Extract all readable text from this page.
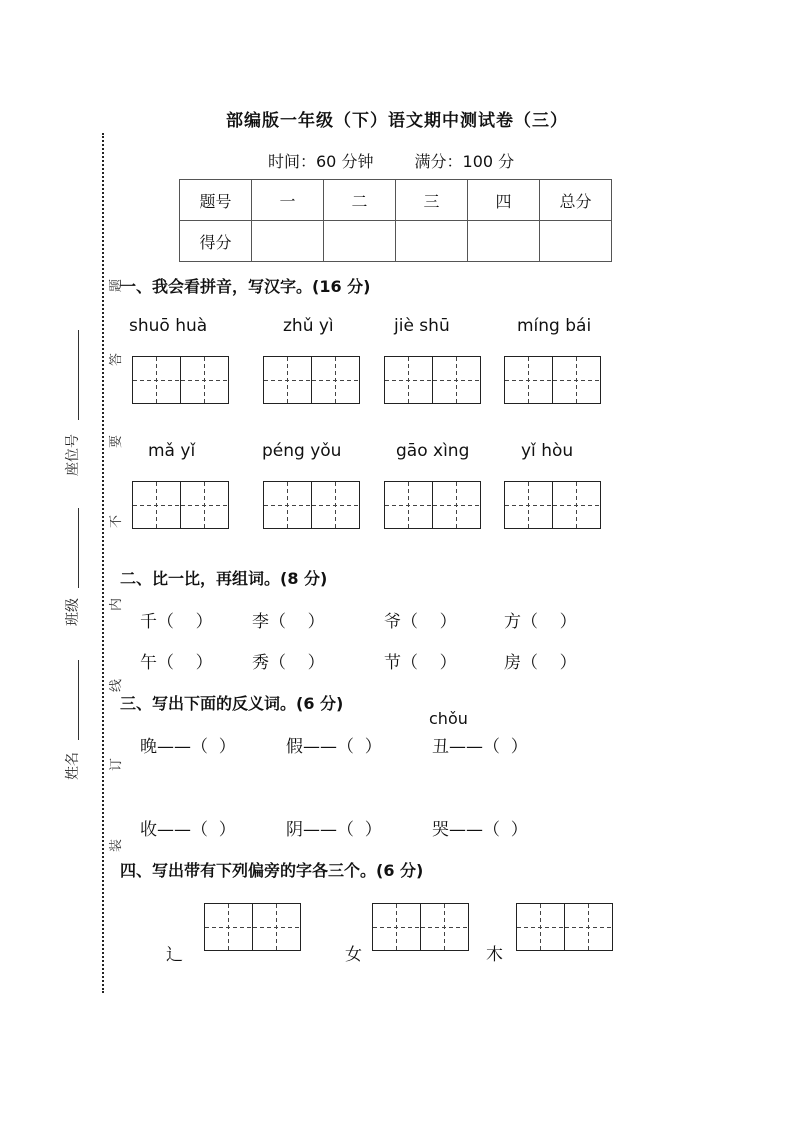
题
答
要
不
内
线
订
装
座位号
班级
姓名
部编版一年级（下）语文期中测试卷（三）
时间：60 分钟	满分：100 分
题号	一	二	三	四	总分
得分					
一、我会看拼音，写汉字。(16 分)
shuō huà	zhǔ yì	jiè shū	míng bái
mǎ yǐ	péng yǒu	gāo xìng	yǐ hòu
二、比一比，再组词。(8 分)
千（    ） 李（    ）	爷（    ）	方（    ）
午（    ） 秀（    ）	节（    ）	房（    ）
三、写出下面的反义词。(6 分)
chǒu
晚——（  ）	假——（  ）	丑——（  ）
收——（  ）	阴——（  ）	哭——（  ）
四、写出带有下列偏旁的字各三个。(6 分)
辶	女	木
